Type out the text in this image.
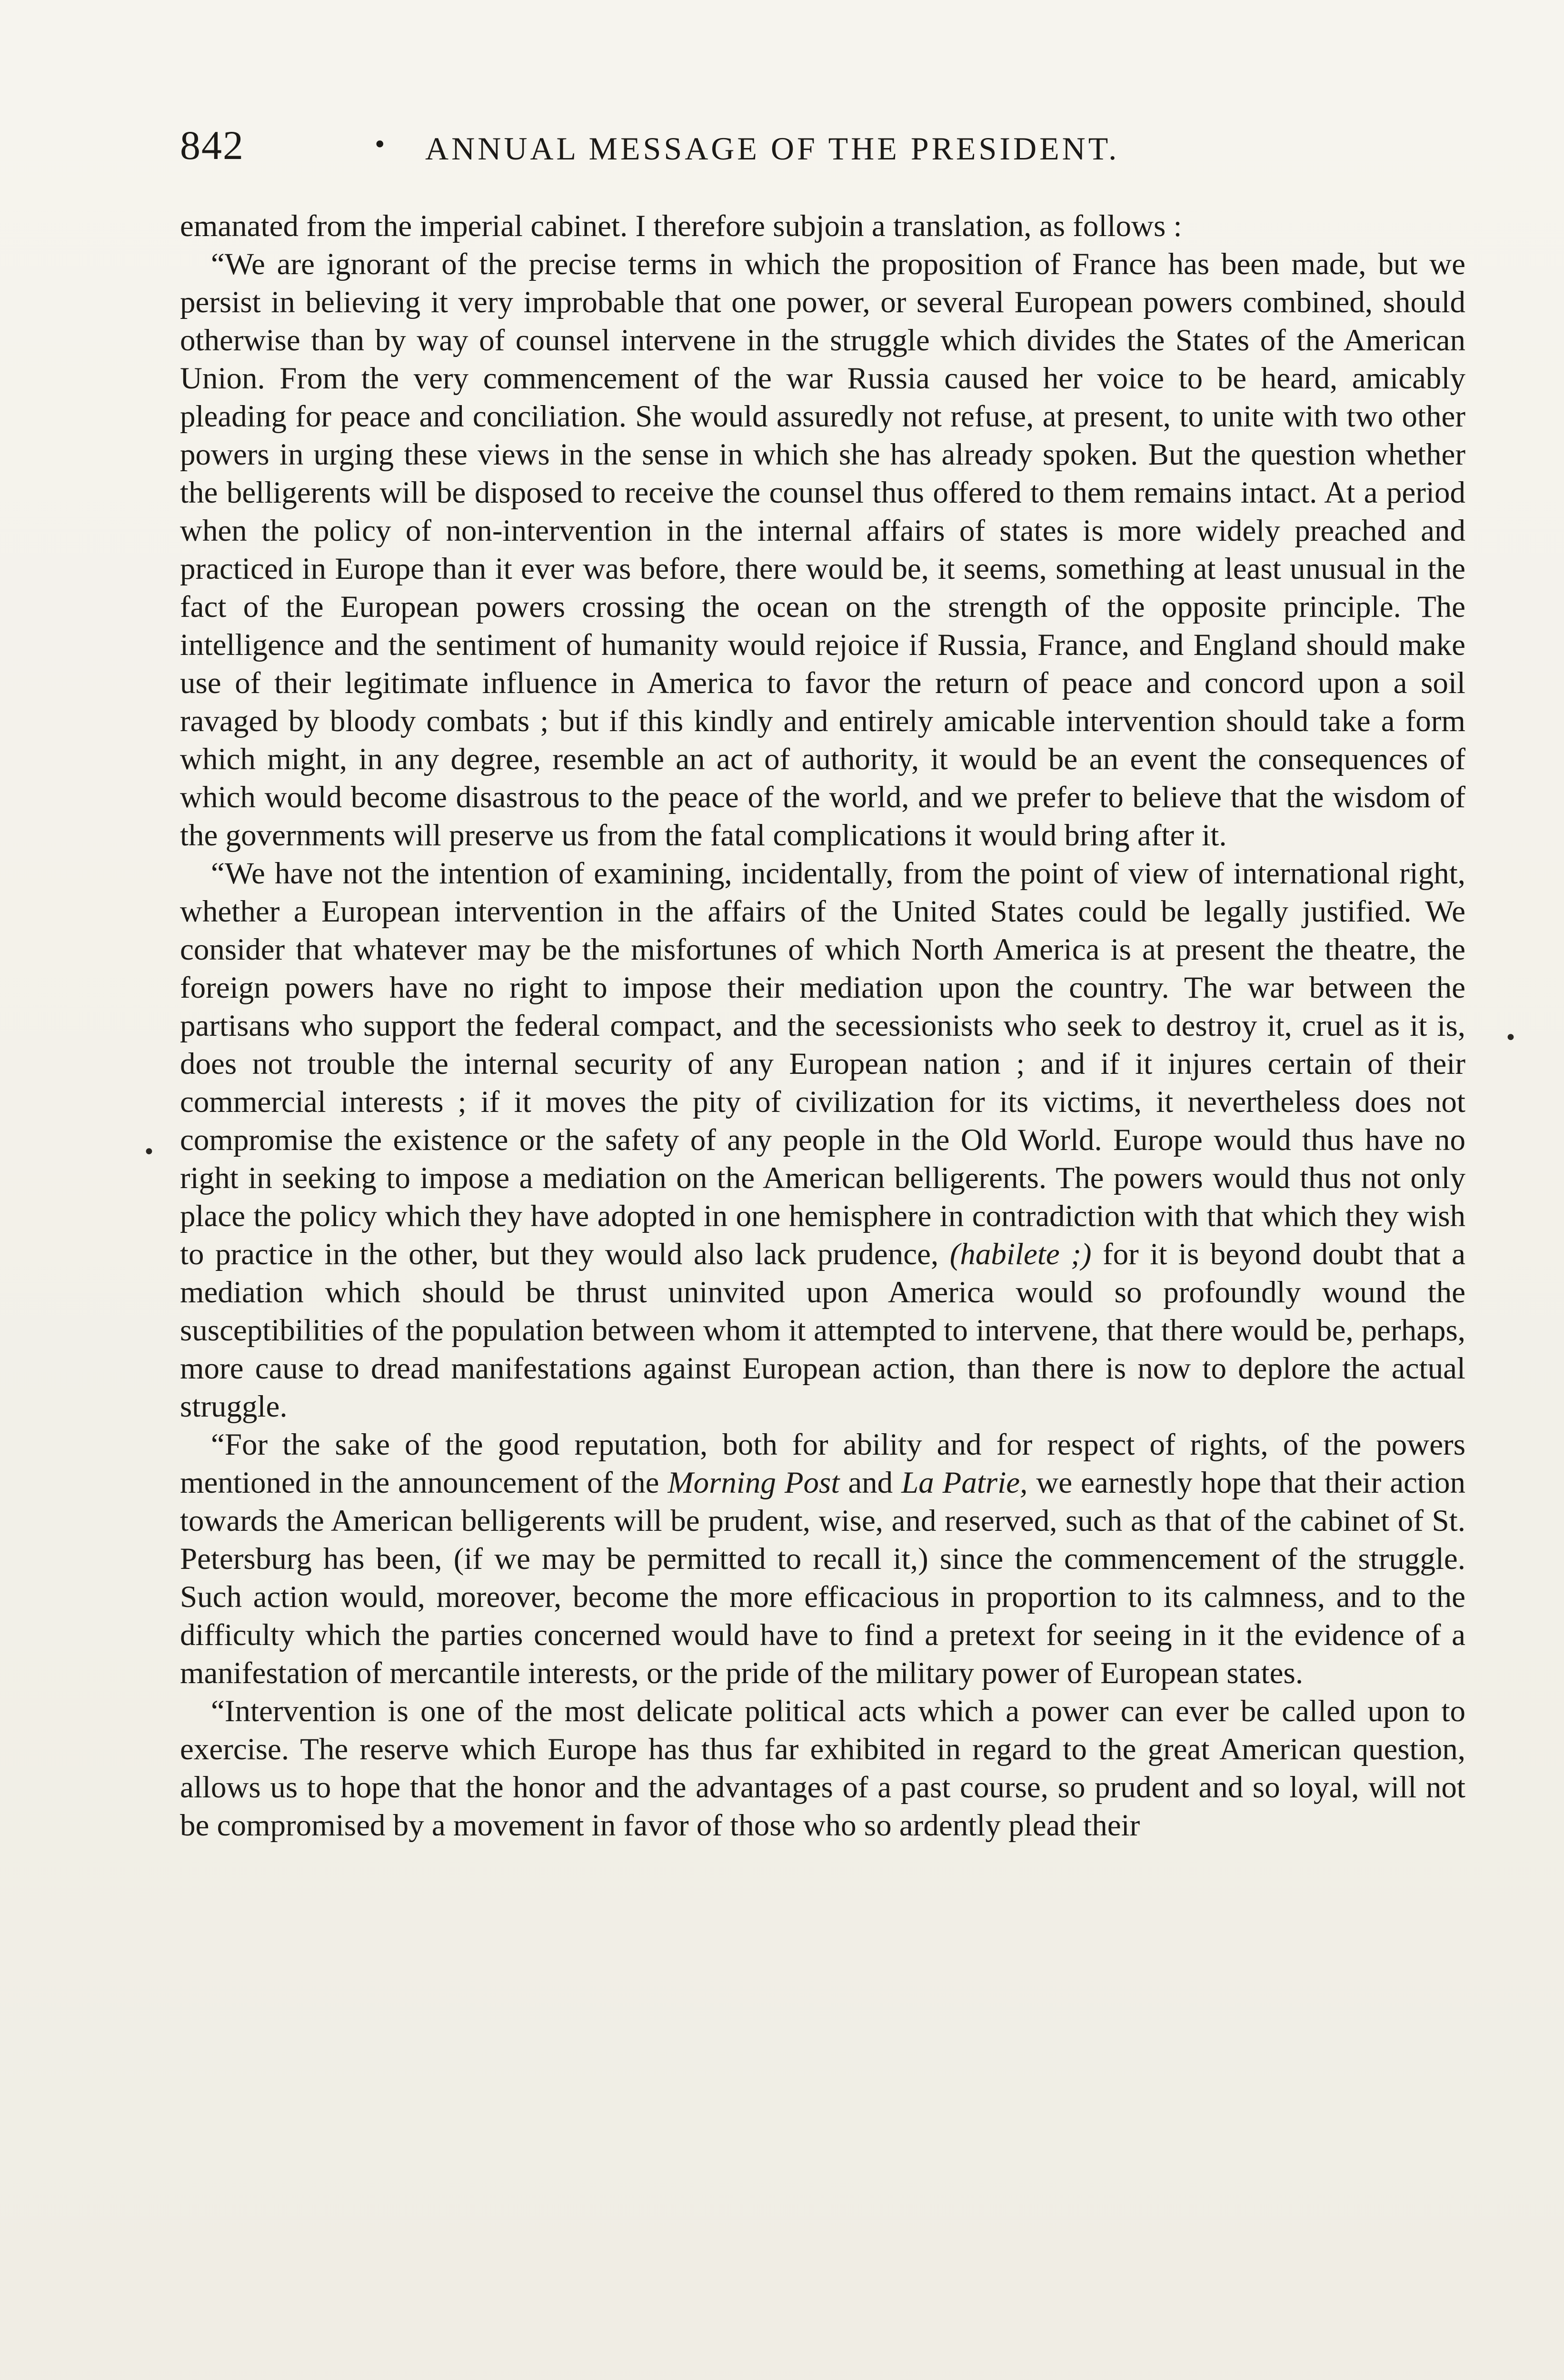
842	• ANNUAL MESSAGE OF THE PRESIDENT.

emanated from the imperial cabinet. I therefore subjoin a translation, as follows :

“We are ignorant of the precise terms in which the proposition of France has been made, but we persist in believing it very improbable that one power, or several European powers combined, should otherwise than by way of counsel intervene in the struggle which divides the States of the American Union. From the very commencement of the war Russia caused her voice to be heard, amicably pleading for peace and conciliation. She would assuredly not refuse, at present, to unite with two other powers in urging these views in the sense in which she has already spoken. But the question whether the belligerents will be disposed to receive the counsel thus offered to them remains intact. At a period when the policy of non-intervention in the internal affairs of states is more widely preached and practiced in Europe than it ever was before, there would be, it seems, something at least unusual in the fact of the European powers crossing the ocean on the strength of the opposite principle. The intelligence and the sentiment of humanity would rejoice if Russia, France, and England should make use of their legitimate influence in America to favor the return of peace and concord upon a soil ravaged by bloody combats ; but if this kindly and entirely amicable intervention should take a form which might, in any degree, resemble an act of authority, it would be an event the consequences of which would become disastrous to the peace of the world, and we prefer to believe that the wisdom of the governments will preserve us from the fatal complications it would bring after it.

“We have not the intention of examining, incidentally, from the point of view of international right, whether a European intervention in the affairs of the United States could be legally justified. We consider that whatever may be the misfortunes of which North America is at present the theatre, the foreign powers have no right to impose their mediation upon the country. The war between the partisans who support the federal compact, and the secessionists who seek to destroy it, cruel as it is, does not trouble the internal security of any European nation ; and if it injures certain of their commercial interests ; if it moves the pity of civilization for its victims, it nevertheless does not compromise the existence or the safety of any people in the Old World. Europe would thus have no right in seeking to impose a mediation on the American belligerents. The powers would thus not only place the policy which they have adopted in one hemisphere in contradiction with that which they wish to practice in the other, but they would also lack prudence, (habilete ;) for it is beyond doubt that a mediation which should be thrust uninvited upon America would so profoundly wound the susceptibilities of the population between whom it attempted to intervene, that there would be, perhaps, more cause to dread manifestations against European action, than there is now to deplore the actual struggle.

“For the sake of the good reputation, both for ability and for respect of rights, of the powers mentioned in the announcement of the Morning Post and La Patrie, we earnestly hope that their action towards the American belligerents will be prudent, wise, and reserved, such as that of the cabinet of St. Petersburg has been, (if we may be permitted to recall it,) since the commencement of the struggle. Such action would, moreover, become the more efficacious in proportion to its calmness, and to the difficulty which the parties concerned would have to find a pretext for seeing in it the evidence of a manifestation of mercantile interests, or the pride of the military power of European states.

“Intervention is one of the most delicate political acts which a power can ever be called upon to exercise. The reserve which Europe has thus far exhibited in regard to the great American question, allows us to hope that the honor and the advantages of a past course, so prudent and so loyal, will not be compromised by a movement in favor of those who so ardently plead their

•
•
